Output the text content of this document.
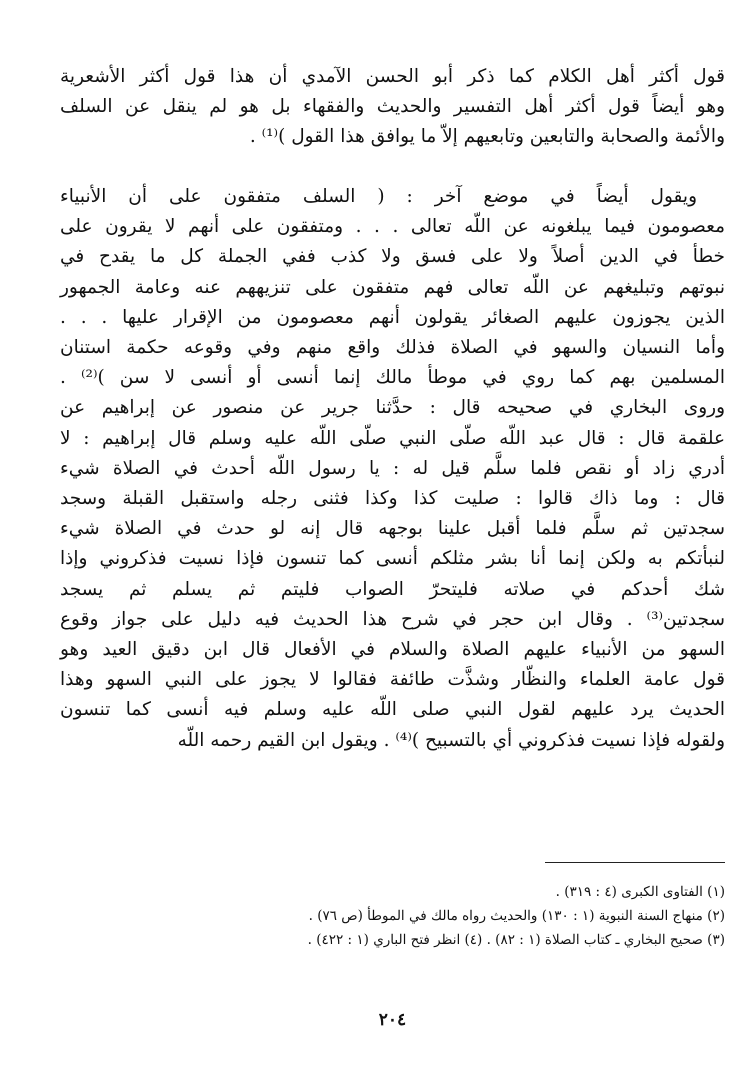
قول أكثر أهل الكلام كما ذكر أبو الحسن الآمدي أن هذا قول أكثر الأشعرية
وهو أيضاً قول أكثر أهل التفسير والحديث والفقهاء بل هو لم ينقل عن السلف
والأئمة والصحابة والتابعين وتابعيهم إلاّ ما يوافق هذا القول )⁽¹⁾ .
ويقول أيضاً في موضع آخر : ( السلف متفقون على أن الأنبياء
معصومون فيما يبلغونه عن اللّه تعالى . . . ومتفقون على أنهم لا يقرون على
خطأ في الدين أصلاً ولا على فسق ولا كذب ففي الجملة كل ما يقدح في
نبوتهم وتبليغهم عن اللّه تعالى فهم متفقون على تنزيههم عنه وعامة الجمهور
الذين يجوزون عليهم الصغائر يقولون أنهم معصومون من الإقرار عليها . . .
وأما النسيان والسهو في الصلاة فذلك واقع منهم وفي وقوعه حكمة استنان
المسلمين بهم كما روي في موطأ مالك إنما أنسى أو أنسى لا سن )⁽²⁾ .
وروى البخاري في صحيحه قال : حدَّثنا جرير عن منصور عن إبراهيم عن
علقمة قال : قال عبد اللّه صلّى النبي صلّى اللّه عليه وسلم قال إبراهيم : لا
أدري زاد أو نقص فلما سلَّم قيل له : يا رسول اللّه أحدث في الصلاة شيء
قال : وما ذاك قالوا : صليت كذا وكذا فثنى رجله واستقبل القبلة وسجد
سجدتين ثم سلَّم فلما أقبل علينا بوجهه قال إنه لو حدث في الصلاة شيء
لنبأتكم به ولكن إنما أنا بشر مثلكم أنسى كما تنسون فإذا نسيت فذكروني وإذا
شك أحدكم في صلاته فليتحرّ الصواب فليتم ثم يسلم ثم يسجد
سجدتين⁽³⁾ . وقال ابن حجر في شرح هذا الحديث فيه دليل على جواز وقوع
السهو من الأنبياء عليهم الصلاة والسلام في الأفعال قال ابن دقيق العيد وهو
قول عامة العلماء والنظّار وشذَّت طائفة فقالوا لا يجوز على النبي السهو وهذا
الحديث يرد عليهم لقول النبي صلى اللّه عليه وسلم فيه أنسى كما تنسون
ولقوله فإذا نسيت فذكروني أي بالتسبيح )⁽⁴⁾ . ويقول ابن القيم رحمه اللّه
(١) الفتاوى الكبرى (٤ : ٣١٩) .
(٢) منهاج السنة النبوية (١ : ١٣٠) والحديث رواه مالك في الموطأ (ص ٧٦) .
(٣) صحيح البخاري ـ كتاب الصلاة (١ : ٨٢) . (٤) انظر فتح الباري (١ : ٤٢٢) .
٢٠٤
